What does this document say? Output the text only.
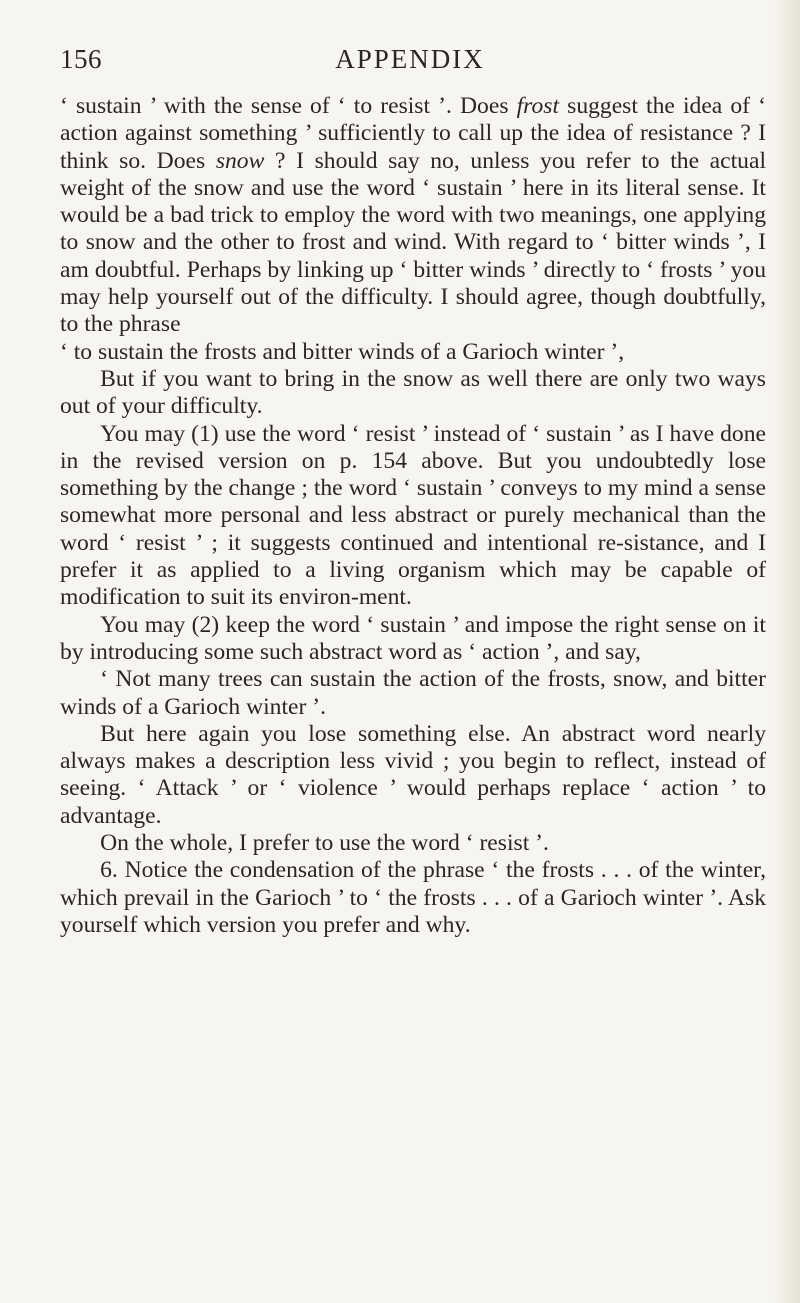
156	APPENDIX

‘ sustain ’ with the sense of ‘ to resist ’. Does frost suggest the idea of ‘ action against something ’ sufficiently to call up the idea of resistance ? I think so. Does snow ? I should say no, unless you refer to the actual weight of the snow and use the word ‘ sustain ’ here in its literal sense. It would be a bad trick to employ the word with two meanings, one applying to snow and the other to frost and wind. With regard to ‘ bitter winds ’, I am doubtful. Perhaps by linking up ‘ bitter winds ’ directly to ‘ frosts ’ you may help yourself out of the difficulty. I should agree, though doubtfully, to the phrase

‘ to sustain the frosts and bitter winds of a Garioch winter ’,

But if you want to bring in the snow as well there are only two ways out of your difficulty.

You may (1) use the word ‘ resist ’ instead of ‘ sustain ’ as I have done in the revised version on p. 154 above. But you undoubtedly lose something by the change ; the word ‘ sustain ’ conveys to my mind a sense somewhat more personal and less abstract or purely mechanical than the word ‘ resist ’ ; it suggests continued and intentional re-sistance, and I prefer it as applied to a living organism which may be capable of modification to suit its environ-ment.

You may (2) keep the word ‘ sustain ’ and impose the right sense on it by introducing some such abstract word as ‘ action ’, and say,

‘ Not many trees can sustain the action of the frosts, snow, and bitter winds of a Garioch winter ’.

But here again you lose something else. An abstract word nearly always makes a description less vivid ; you begin to reflect, instead of seeing. ‘ Attack ’ or ‘ violence ’ would perhaps replace ‘ action ’ to advantage.

On the whole, I prefer to use the word ‘ resist ’.

6. Notice the condensation of the phrase ‘ the frosts . . . of the winter, which prevail in the Garioch ’ to ‘ the frosts . . . of a Garioch winter ’. Ask yourself which version you prefer and why.
